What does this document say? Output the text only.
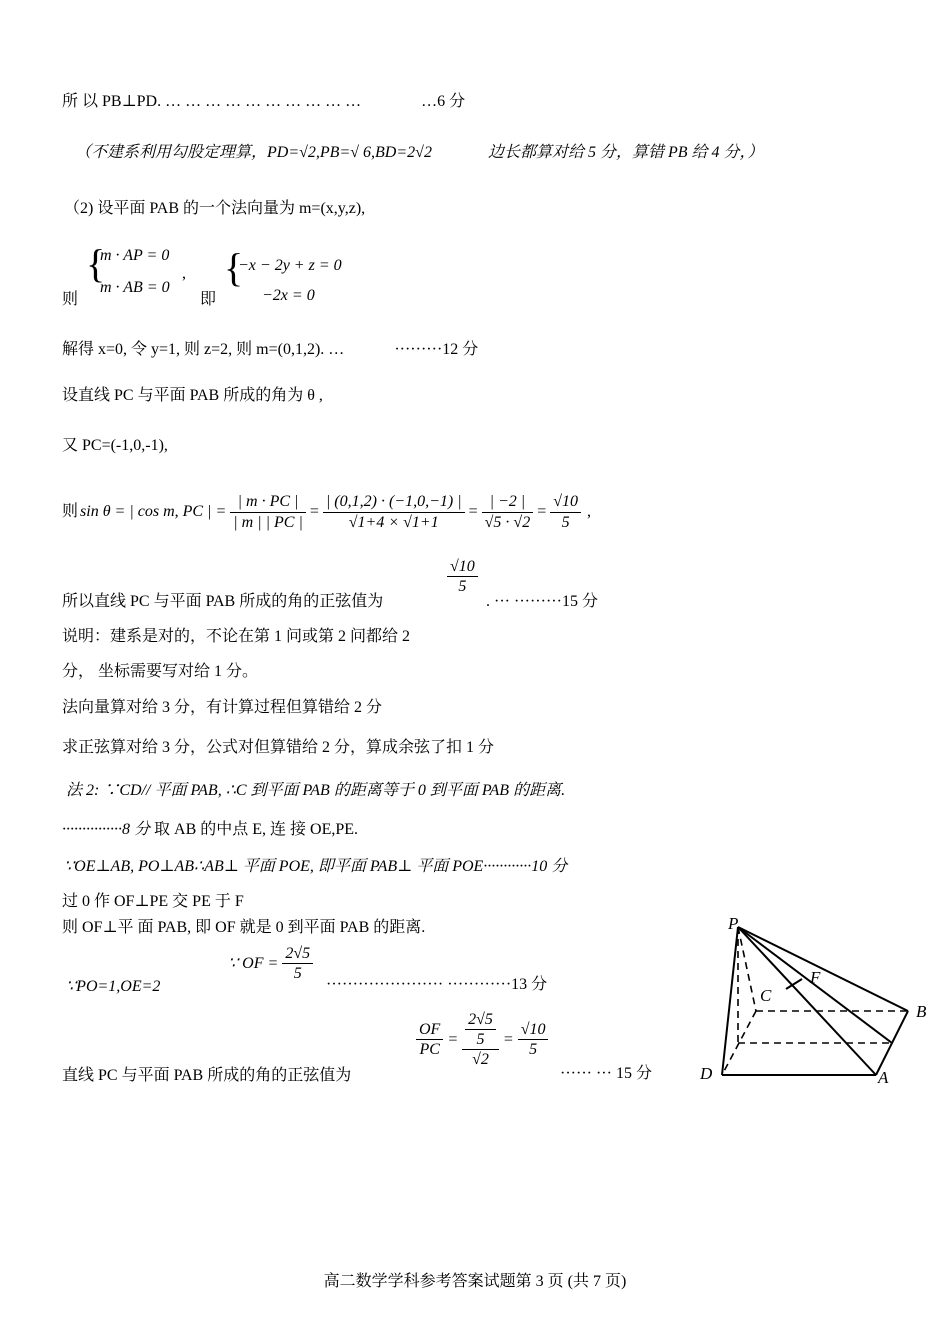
所 以 PB⊥PD. … … … … … … … … … …	…6 分
（不建系利用勾股定理算，PD=√2,PB=√ 6,BD=2√2	边长都算对给 5 分，算错 PB 给 4 分，）
（2) 设平面 PAB 的一个法向量为 m=(x,y,z),
则
{
m · AP = 0
m · AB = 0
,
即
{
−x − 2y + z = 0
−2x = 0
解得 x=0, 令 y=1, 则 z=2, 则 m=(0,1,2). …	·········12 分
设直线 PC 与平面 PAB 所成的角为 θ ,
又 PC=(-1,0,-1),
则 sin θ = | cos m, PC | = $\frac{| m \cdot PC |}{| m | | PC |} = \frac{| (0,1,2) \cdot (-1,0,-1) |}{√1+4 \times √1+1} = \frac{| -2 |}{√5 \cdot √2} = \frac{√10}{5}$ ,
所以直线 PC 与平面 PAB 所成的角的正弦值为
$\frac{√10}{5}$
. ··· ·········15 分
说明：建系是对的，不论在第 1 问或第 2 问都给 2
分， 坐标需要写对给 1 分。
法向量算对给 3 分，有计算过程但算错给 2 分
求正弦算对给 3 分，公式对但算错给 2 分，算成余弦了扣 1 分
法 2: ∵CD// 平面 PAB, ∴C 到平面 PAB 的距离等于 0 到平面 PAB 的距离.
···············8 分 取 AB 的中点 E, 连 接 OE,PE.
∵OE⊥AB, PO⊥AB∴AB⊥ 平面 POE, 即平面 PAB⊥ 平面 POE············10 分
过 0 作 OF⊥PE 交 PE 于 F
则 OF⊥平 面 PAB, 即 OF 就是 0 到平面 PAB 的距离.
∵PO=1,OE=2
∵ OF = $\frac{2√5}{5}$
······················ ············13 分
直线 PC 与平面 PAB 所成的角的正弦值为
$\frac{OF}{PC} = \frac{\frac{2√5}{5}}{√2} = \frac{√10}{5}$
······ ··· 15 分
P
B
C
F
D	A
高二数学学科参考答案试题第 3 页 (共 7 页)
